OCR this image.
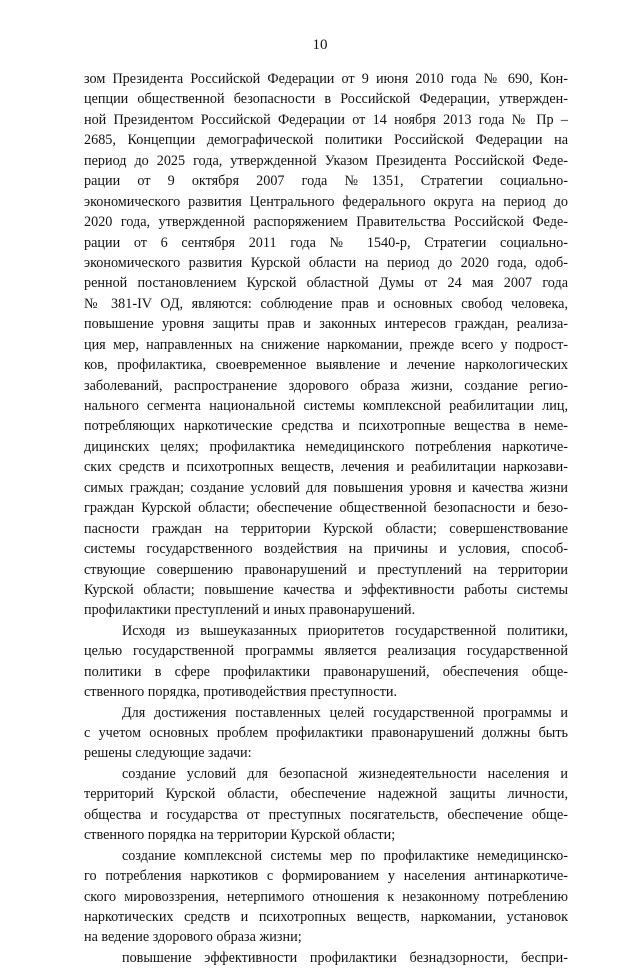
10

зом Президента Российской Федерации от 9 июня 2010 года № 690, Кон-
цепции общественной безопасности в Российской Федерации, утвержден-
ной Президентом Российской Федерации от 14 ноября 2013 года № Пр –
2685, Концепции демографической политики Российской Федерации на
период до 2025 года, утвержденной Указом Президента Российской Феде-
рации от 9 октября 2007 года №1351, Стратегии социально-
экономического развития Центрального федерального округа на период до
2020 года, утвержденной распоряжением Правительства Российской Феде-
рации от 6 сентября 2011 года № 1540-р, Стратегии социально-
экономического развития Курской области на период до 2020 года, одоб-
ренной постановлением Курской областной Думы от 24 мая 2007 года
№ 381-IV ОД, являются: соблюдение прав и основных свобод человека,
повышение уровня защиты прав и законных интересов граждан, реализа-
ция мер, направленных на снижение наркомании, прежде всего у подрост-
ков, профилактика, своевременное выявление и лечение наркологических
заболеваний, распространение здорового образа жизни, создание регио-
нального сегмента национальной системы комплексной реабилитации лиц,
потребляющих наркотические средства и психотропные вещества в неме-
дицинских целях; профилактика немедицинского потребления наркотиче-
ских средств и психотропных веществ, лечения и реабилитации наркозави-
симых граждан; создание условий для повышения уровня и качества жизни
граждан Курской области; обеспечение общественной безопасности и безо-
пасности граждан на территории Курской области; совершенствование
системы государственного воздействия на причины и условия, способ-
ствующие совершению правонарушений и преступлений на территории
Курской области; повышение качества и эффективности работы системы
профилактики преступлений и иных правонарушений.

Исходя из вышеуказанных приоритетов государственной политики,
целью государственной программы является реализация государственной
политики в сфере профилактики правонарушений, обеспечения обще-
ственного порядка, противодействия преступности.

Для достижения поставленных целей государственной программы и
с учетом основных проблем профилактики правонарушений должны быть
решены следующие задачи:

создание условий для безопасной жизнедеятельности населения и
территорий Курской области, обеспечение надежной защиты личности,
общества и государства от преступных посягательств, обеспечение обще-
ственного порядка на территории Курской области;

создание комплексной системы мер по профилактике немедицинско-
го потребления наркотиков с формированием у населения антинаркотиче-
ского мировоззрения, нетерпимого отношения к незаконному потреблению
наркотических средств и психотропных веществ, наркомании, установок
на ведение здорового образа жизни;

повышение эффективности профилактики безнадзорности, беспри-
